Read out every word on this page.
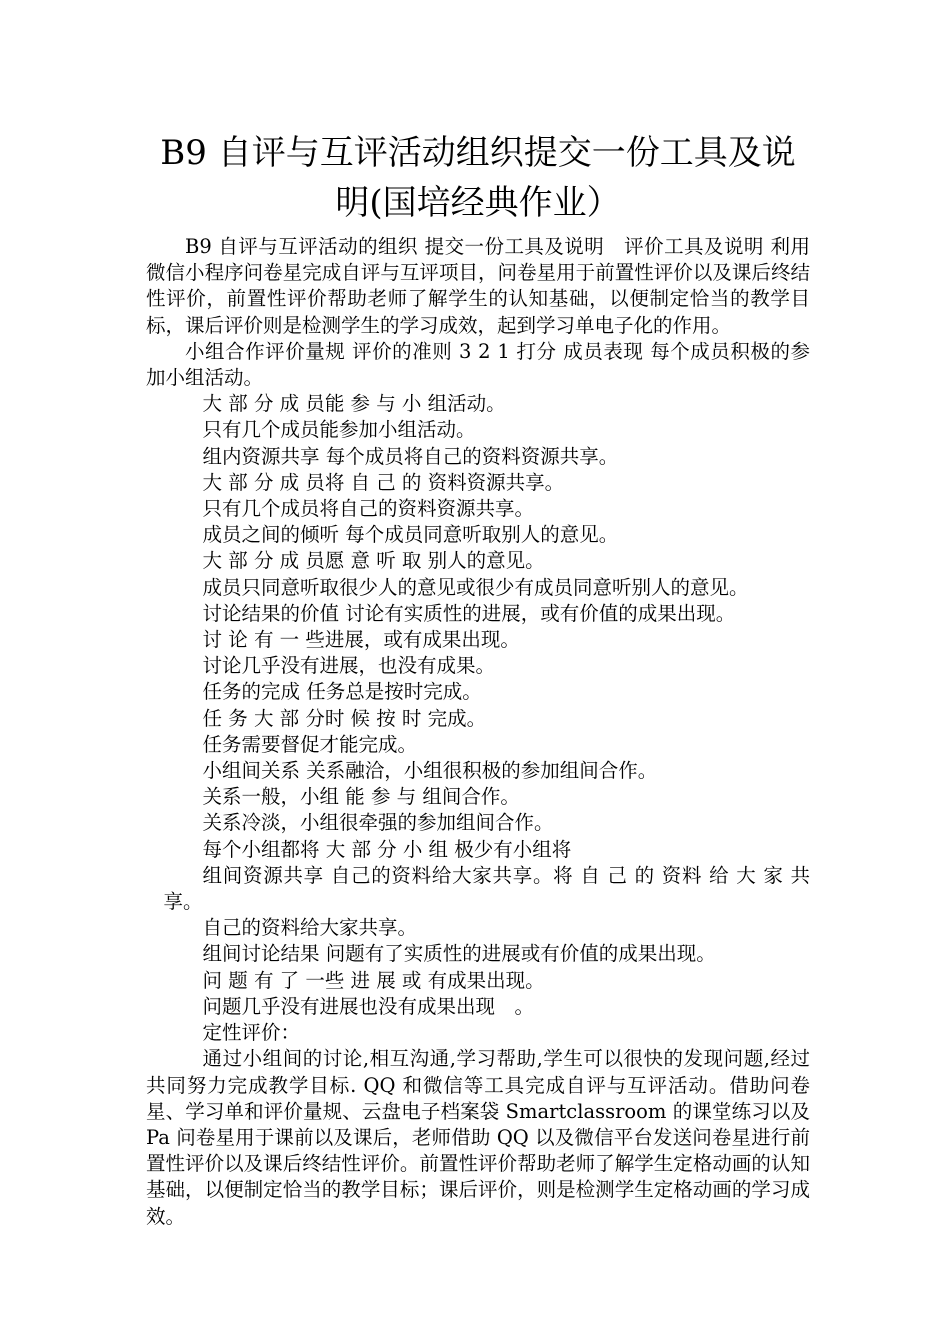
B9 自评与互评活动组织提交一份工具及说
明(国培经典作业）

B9 自评与互评活动的组织 提交一份工具及说明　评价工具及说明 利用微信小程序问卷星完成自评与互评项目，问卷星用于前置性评价以及课后终结性评价，前置性评价帮助老师了解学生的认知基础，以便制定恰当的教学目标，课后评价则是检测学生的学习成效，起到学习单电子化的作用。

小组合作评价量规 评价的准则 3 2 1 打分 成员表现 每个成员积极的参加小组活动。

大 部 分 成 员能 参 与 小 组活动。

只有几个成员能参加小组活动。

组内资源共享 每个成员将自己的资料资源共享。

大 部 分 成 员将 自 己 的 资料资源共享。

只有几个成员将自己的资料资源共享。

成员之间的倾听 每个成员同意听取别人的意见。

大 部 分 成 员愿 意 听 取 别人的意见。

成员只同意听取很少人的意见或很少有成员同意听别人的意见。

讨论结果的价值 讨论有实质性的进展，或有价值的成果出现。

讨 论 有 一 些进展，或有成果出现。

讨论几乎没有进展，也没有成果。

任务的完成 任务总是按时完成。

任 务 大 部 分时 候 按 时 完成。

任务需要督促才能完成。

小组间关系 关系融洽，小组很积极的参加组间合作。

关系一般，小组 能 参 与 组间合作。

关系冷淡，小组很牵强的参加组间合作。

每个小组都将 大 部 分 小 组 极少有小组将

组间资源共享 自己的资料给大家共享。将 自 己 的 资料 给 大 家 共享。

自己的资料给大家共享。

组间讨论结果 问题有了实质性的进展或有价值的成果出现。

问 题 有 了 一些 进 展 或 有成果出现。

问题几乎没有进展也没有成果出现　。

定性评价：

通过小组间的讨论,相互沟通,学习帮助,学生可以很快的发现问题,经过共同努力完成教学目标. QQ 和微信等工具完成自评与互评活动。借助问卷星、学习单和评价量规、云盘电子档案袋 Smartclassroom 的课堂练习以及 Pa 问卷星用于课前以及课后，老师借助 QQ 以及微信平台发送问卷星进行前置性评价以及课后终结性评价。前置性评价帮助老师了解学生定格动画的认知基础，以便制定恰当的教学目标；课后评价，则是检测学生定格动画的学习成效。
